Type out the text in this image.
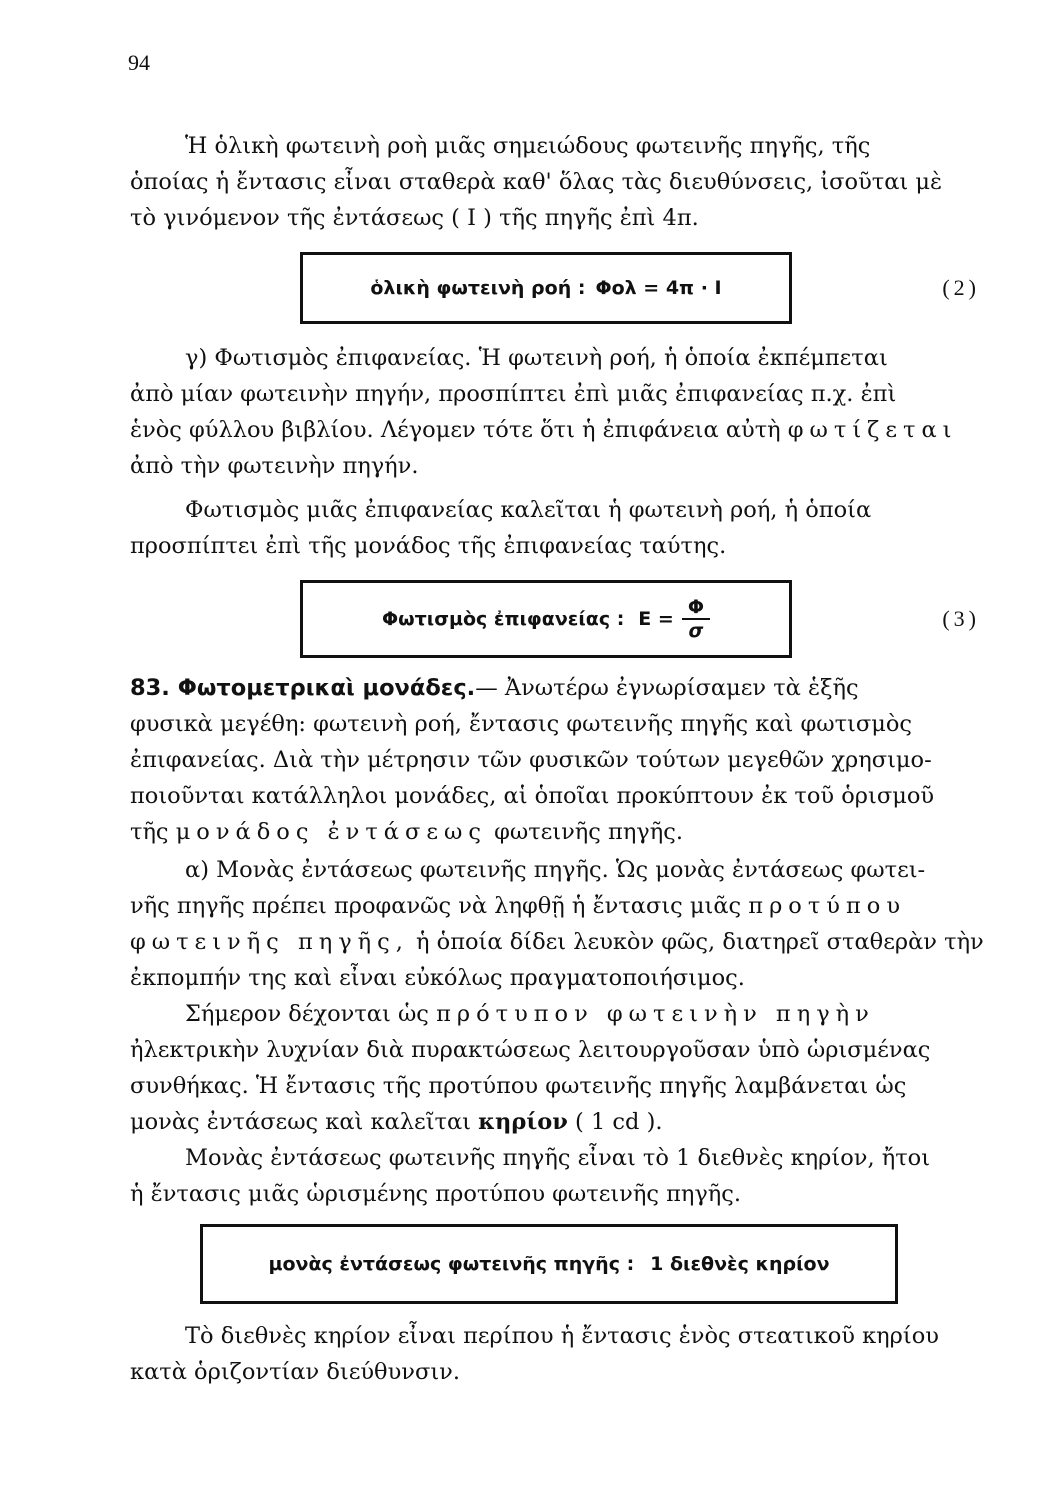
94
Ἡ ὁλικὴ φωτεινὴ ροὴ μιᾶς σημειώδους φωτεινῆς πηγῆς, τῆς
ὁποίας ἡ ἔντασις εἶναι σταθερὰ καθ' ὅλας τὰς διευθύνσεις, ἰσοῦται μὲ
τὸ γινόμενον τῆς ἐντάσεως ( I ) τῆς πηγῆς ἐπὶ 4π.
ὁλικὴ φωτεινὴ ροή : Φολ = 4π · I	(2)
γ) Φωτισμὸς ἐπιφανείας. Ἡ φωτεινὴ ροή, ἡ ὁποία ἐκπέμπεται
ἀπὸ μίαν φωτεινὴν πηγήν, προσπίπτει ἐπὶ μιᾶς ἐπιφανείας π.χ. ἐπὶ
ἑνὸς φύλλου βιβλίου. Λέγομεν τότε ὅτι ἡ ἐπιφάνεια αὐτὴ φωτίζεται
ἀπὸ τὴν φωτεινὴν πηγήν.
Φωτισμὸς μιᾶς ἐπιφανείας καλεῖται ἡ φωτεινὴ ροή, ἡ ὁποία
προσπίπτει ἐπὶ τῆς μονάδος τῆς ἐπιφανείας ταύτης.
Φωτισμὸς ἐπιφανείας : $E = \frac{\Phi}{\sigma}$	(3)
83. Φωτομετρικαὶ μονάδες.— Ἀνωτέρω ἐγνωρίσαμεν τὰ ἑξῆς
φυσικὰ μεγέθη: φωτεινὴ ροή, ἔντασις φωτεινῆς πηγῆς καὶ φωτισμὸς
ἐπιφανείας. Διὰ τὴν μέτρησιν τῶν φυσικῶν τούτων μεγεθῶν χρησιμο-
ποιοῦνται κατάλληλοι μονάδες, αἱ ὁποῖαι προκύπτουν ἐκ τοῦ ὁρισμοῦ
τῆς μονάδος ἐντάσεως φωτεινῆς πηγῆς.
α) Μονὰς ἐντάσεως φωτεινῆς πηγῆς. Ὡς μονὰς ἐντάσεως φωτει-
νῆς πηγῆς πρέπει προφανῶς νὰ ληφθῇ ἡ ἔντασις μιᾶς προτύπου
φωτεινῆς πηγῆς, ἡ ὁποία δίδει λευκὸν φῶς, διατηρεῖ σταθερὰν τὴν
ἐκπομπήν της καὶ εἶναι εὐκόλως πραγματοποιήσιμος.
Σήμερον δέχονται ὡς πρότυπον φωτεινὴν πηγὴν
ἠλεκτρικὴν λυχνίαν διὰ πυρακτώσεως λειτουργοῦσαν ὑπὸ ὡρισμένας
συνθήκας. Ἡ ἔντασις τῆς προτύπου φωτεινῆς πηγῆς λαμβάνεται ὡς
μονὰς ἐντάσεως καὶ καλεῖται κηρίον ( 1 cd ).
Μονὰς ἐντάσεως φωτεινῆς πηγῆς εἶναι τὸ 1 διεθνὲς κηρίον, ἤτοι
ἡ ἔντασις μιᾶς ὡρισμένης προτύπου φωτεινῆς πηγῆς.
μονὰς ἐντάσεως φωτεινῆς πηγῆς : 1 διεθνὲς κηρίον
Τὸ διεθνὲς κηρίον εἶναι περίπου ἡ ἔντασις ἑνὸς στεατικοῦ κηρίου
κατὰ ὁριζοντίαν διεύθυνσιν.
